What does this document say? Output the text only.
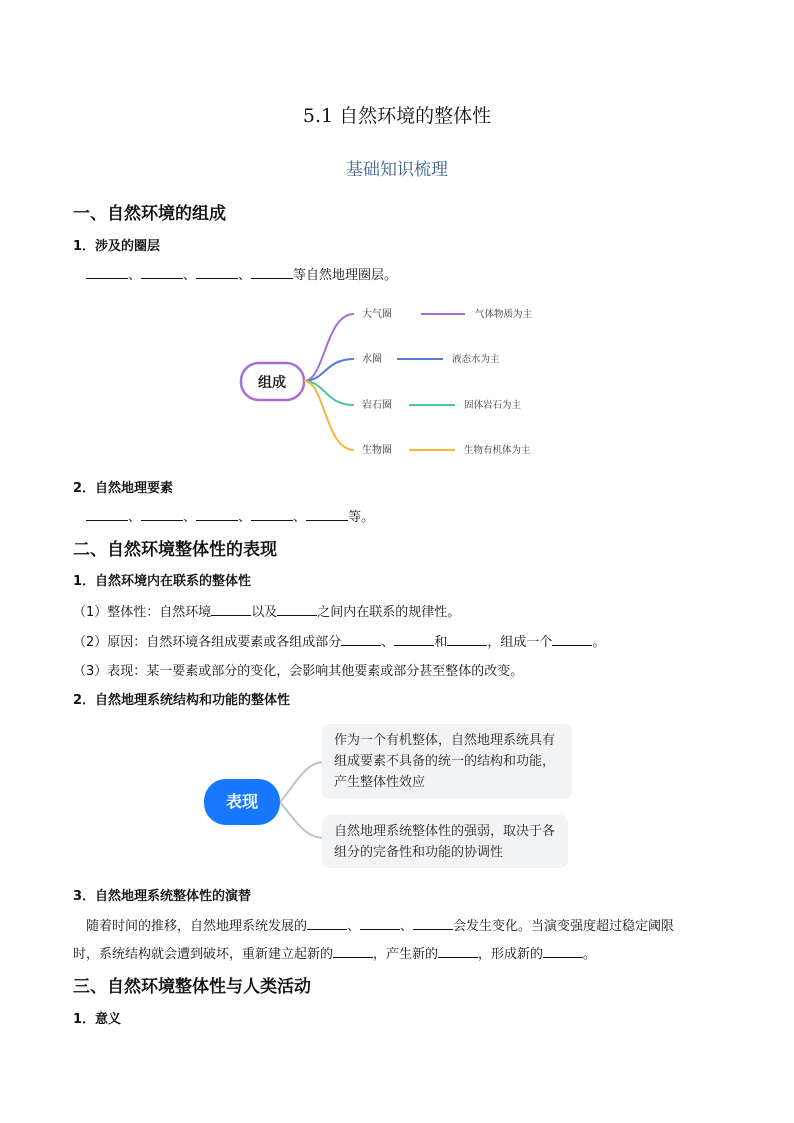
5.1 自然环境的整体性
基础知识梳理
一、自然环境的组成
1．涉及的圈层
、	、	、	等自然地理圈层。
组成
大气圈	气体物质为主
水圈	液态水为主
岩石圈	固体岩石为主
生物圈	生物有机体为主
2．自然地理要素
、	、	、	、	等。
二、自然环境整体性的表现
1．自然环境内在联系的整体性
（1）整体性：自然环境	以及	之间内在联系的规律性。
（2）原因：自然环境各组成要素或各组成部分	、	和	，组成一个	。
（3）表现：某一要素或部分的变化，会影响其他要素或部分甚至整体的改变。
2．自然地理系统结构和功能的整体性
表现
作为一个有机整体，自然地理系统具有组成要素不具备的统一的结构和功能，产生整体性效应
自然地理系统整体性的强弱，取决于各组分的完备性和功能的协调性
3．自然地理系统整体性的演替
随着时间的推移，自然地理系统发展的	、	、	会发生变化。当演变强度超过稳定阈限
时，系统结构就会遭到破坏，重新建立起新的	，产生新的	，形成新的	。
三、自然环境整体性与人类活动
1．意义
